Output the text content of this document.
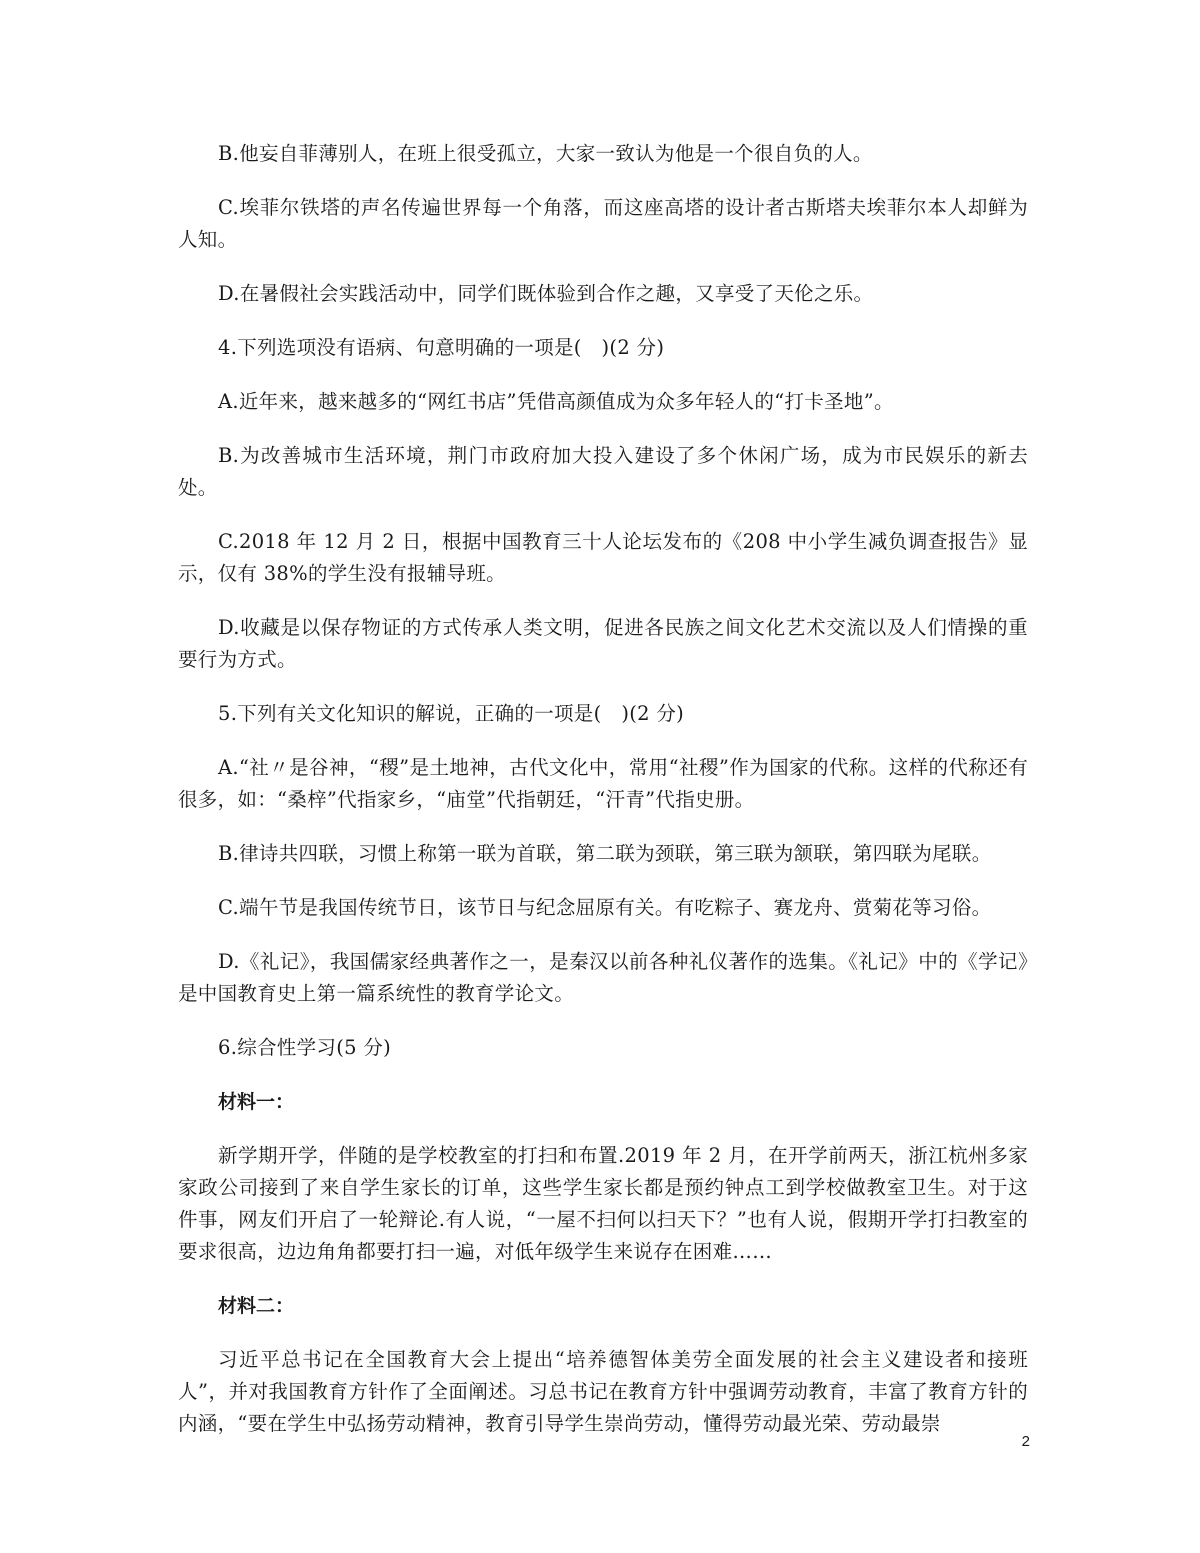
B.他妄自菲薄别人，在班上很受孤立，大家一致认为他是一个很自负的人。

C.埃菲尔铁塔的声名传遍世界每一个角落，而这座高塔的设计者古斯塔夫埃菲尔本人却鲜为人知。

D.在暑假社会实践活动中，同学们既体验到合作之趣，又享受了天伦之乐。

4.下列选项没有语病、句意明确的一项是(　)(2 分)

A.近年来，越来越多的“网红书店”凭借高颜值成为众多年轻人的“打卡圣地”。

B.为改善城市生活环境，荆门市政府加大投入建设了多个休闲广场，成为市民娱乐的新去处。

C.2018 年 12 月 2 日，根据中国教育三十人论坛发布的《208 中小学生减负调查报告》显示，仅有 38%的学生没有报辅导班。

D.收藏是以保存物证的方式传承人类文明，促进各民族之间文化艺术交流以及人们情操的重要行为方式。

5.下列有关文化知识的解说，正确的一项是(　)(2 分)

A.“社〃是谷神，“稷”是土地神，古代文化中，常用“社稷”作为国家的代称。这样的代称还有很多，如：“桑梓”代指家乡，“庙堂”代指朝廷，“汗青”代指史册。

B.律诗共四联，习惯上称第一联为首联，第二联为颈联，第三联为颔联，第四联为尾联。

C.端午节是我国传统节日，该节日与纪念屈原有关。有吃粽子、赛龙舟、赏菊花等习俗。

D.《礼记》，我国儒家经典著作之一，是秦汉以前各种礼仪著作的选集。《礼记》中的《学记》是中国教育史上第一篇系统性的教育学论文。

6.综合性学习(5 分)

材料一：

新学期开学，伴随的是学校教室的打扫和布置.2019 年 2 月，在开学前两天，浙江杭州多家家政公司接到了来自学生家长的订单，这些学生家长都是预约钟点工到学校做教室卫生。对于这件事，网友们开启了一轮辩论.有人说，“一屋不扫何以扫天下？”也有人说，假期开学打扫教室的要求很高，边边角角都要打扫一遍，对低年级学生来说存在困难……

材料二：

习近平总书记在全国教育大会上提出“培养德智体美劳全面发展的社会主义建设者和接班人”，并对我国教育方针作了全面阐述。习总书记在教育方针中强调劳动教育，丰富了教育方针的内涵，“要在学生中弘扬劳动精神，教育引导学生崇尚劳动，懂得劳动最光荣、劳动最崇

2
